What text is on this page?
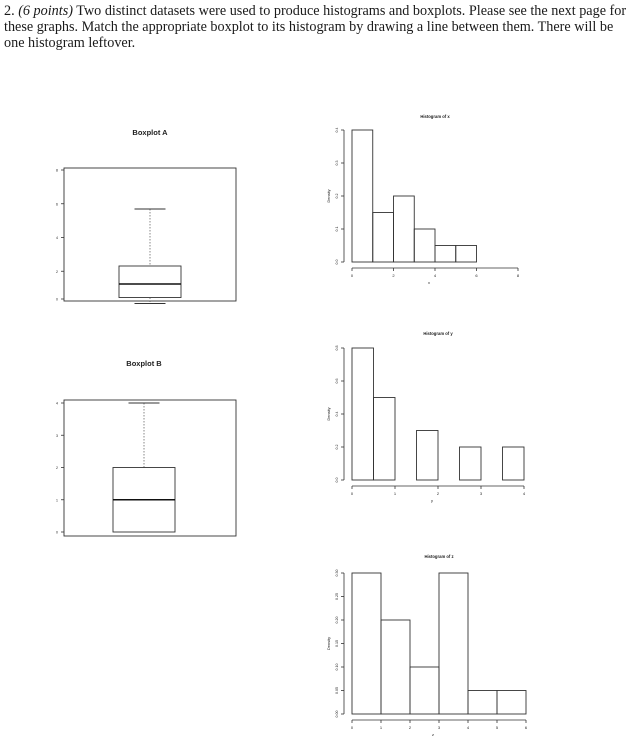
2. (6 points) Two distinct datasets were used to produce histograms and boxplots. Please see the next page for these graphs. Match the appropriate boxplot to its histogram by drawing a line between them. There will be one histogram leftover.
Boxplot A
0
2
4
6
8
Boxplot B
0
1
2
3
4
Histogram of x
0	2	4	6	8
x
0.0
0.1
0.2
0.3
0.4
Density
Histogram of y
0	1	2	3	4
y
0.0
0.2
0.4
0.6
0.8
Density
Histogram of z
0	1	2	3	4	5	6
z
0.00
0.05
0.10
0.15
0.20
0.25
0.30
Density
